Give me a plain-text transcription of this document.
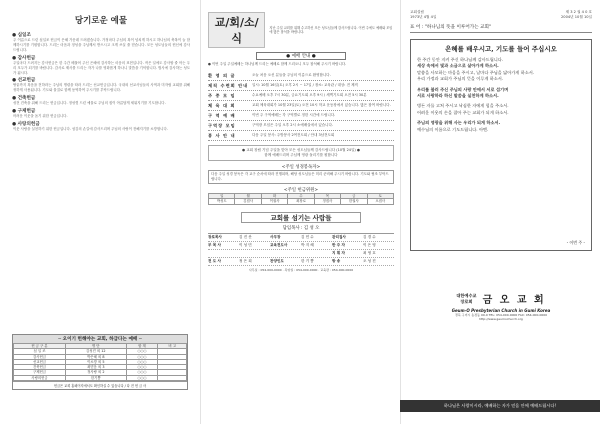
당기로운 예물
● 십일조
주 이름으로 드린 십일조 헌금이 은혜 가운데 드려졌습니다. 가정마다 주님의 복이 넘치게 하시고 하나님의 축복이 늘 함께하시기를 기원합니다. 드리는 마음과 정성을 주님께서 받으시고 크게 쓰실 줄 믿습니다. 모든 성도님들의 헌신에 감사드립니다.
● 감사헌금
주일마다 드려지는 감사헌금은 한 주간 베풀어 주신 은혜에 감사하는 마음의 표현입니다. 작은 일에도 감사할 줄 아는 우리 모두가 되기를 바랍니다. 감사로 제사를 드리는 자가 나를 영화롭게 하나니 말씀을 기억합니다. 범사에 감사하는 성도가 됩시다.
● 선교헌금
땅끝까지 복음을 전하라는 주님의 명령을 따라 드리는 선교헌금입니다. 국내외 선교사님들의 사역과 미자립 교회를 위해 귀하게 사용됩니다. 기도와 물질로 함께 동역하여 주시기를 부탁드립니다.
● 건축헌금
성전 건축을 위해 드리는 헌금입니다. 정성껏 드린 예물로 주님의 집이 아름답게 세워지기를 기도합니다.
● 구제헌금
어려운 이웃을 돕기 위한 헌금입니다.
● 사랑의헌금
이웃 사랑을 실천하기 위한 헌금입니다. 섬김의 손길에 감사드리며 주님의 사랑이 전해지기를 소망합니다.
─ 오이기 헌해야는 교회, 하급다는 예배 ─
헌 금 구 분	명 단	합 계	비 고
십 일 조	김성진 외 12	○○○	
감사헌금	박은혜 외 8	○○○	
선교헌금	이소망 외 5	○○○	
건축헌금	최믿음 외 3	○○○	
구제헌금	정사랑 외 2	○○○	
사랑의헌금	한기쁨	○○○	
헌금은 교회 홈페이지에서도 확인하실 수 있습니다 / 다 전 헌 금 사
교/회/소/식
지난 주일 교회를 위해 수고하신 모든 성도님들께 감사드립니다. 이번 주에도 예배와 모임에 많은 참석을 바랍니다.
● 예배 안내 ●
● 이번 주일 주일예배는 하나님께 드리는 예배로 함께 드리오니 모두 참석해 주시기 바랍니다.
환 영 의 글	오늘 처음 오신 분들을 주님의 이름으로 환영합니다.
제직 수련회 안내	일시: 10월 16일(토) 오후 2시 ~ 17일 / 장소: 교육관 / 대상: 전 제직
주 중 모 임	수요예배 오후 7시 30분, 금요기도회 오후 9시 / 새벽기도회 오전 5시 30분
체 육 대 회	교회 체육대회가 10월 23일(토) 오전 10시 학교 운동장에서 있습니다. 많은 참여 바랍니다.
구 역 예 배	이번 주 구역예배는 각 구역별로 정한 시간에 드립니다.
구역장 모임	구역장 모임은 주일 오후 2시 소예배실에서 있습니다.
봉 사 안 내	다음 주일 봉사: 주방봉사 2여전도회 / 안내 3남전도회
● 교회 창립 기념 주일을 맞아 모든 성도님들께 감사드립니다 (10월 24일) ●
함께 예배드리며 주님께 영광 돌리기를 원합니다
<주일 성경봉독자>
다음 주일 성경 봉독은 각 교구 순서에 따라 진행되며, 해당 성도님들은 미리 준비해 주시기 바랍니다. 기도와 협조 부탁드립니다.
<주일 헌금위원>
일	월	화	수	목	금	토
박성도	김집사	이권사	최장로	정집사	한권사	오집사
교회를 섬기는 사람들
담임목사 : 김 성 오
장로목사	김 진 산	사무장	김 민 수	관리집사	김 경 수
부 목 사	이 성 민	교육전도사	박 지 혜	반 주 자	이 은 영
지 휘 자	최 영 호
전 도 사	정 은 희	찬양인도	한 기 쁨	방 송	오 성 진
사무실 : 054-000-0000 · 목양실 : 054-000-0000 · 교육관 : 054-000-0000
교회설립
1973년 4월 4일
제 3 2 권 4 0 호
2004년 10월 10일
표 어 : "하나님의 뜻을 이루어가는 교회"
은혜를 배우시고, 기도를 들어 주십시오
한 주간 동안 지켜 주신 하나님께 감사드립니다.
세상 속에서 빛과 소금으로 살아가게 하소서.
말씀을 사모하는 마음을 주시고, 날마다 주님을 닮아가게 하소서.
우리 가정과 교회가 주님의 뜻을 이루게 하소서.
우리를 불러 주신 주님의 사랑 안에서 서로 섬기며
서로 사랑하라 하신 말씀을 실천하게 하소서.
병든 자를 고쳐 주시고 낙심한 자에게 힘을 주소서.
어려운 이웃의 손을 잡아 주는 교회가 되게 하소서.
주님의 영광을 위해 사는 우리가 되게 하소서.
예수님의 이름으로 기도드립니다. 아멘.
- 이번 주 -
대한예수교
장로회	금 오 교 회
Geum-O Presbyterian Church in Gumi Korea
경북 구미시 송정동 00-0 TEL: 054-000-0000 FAX: 054-000-0000
http://www.geumochurch.org
하나님은 사랑이시라, 예배하는 자가 믿음 안에 예배드립시다!
